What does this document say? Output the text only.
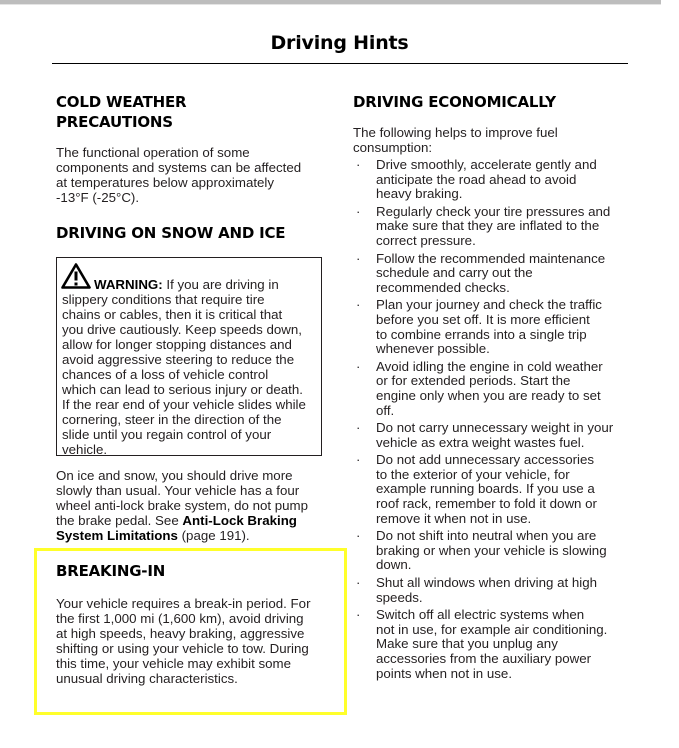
Driving Hints
COLD WEATHER
PRECAUTIONS

The functional operation of some
components and systems can be affected
at temperatures below approximately
-13°F (-25°C).

DRIVING ON SNOW AND ICE

WARNING: If you are driving in
slippery conditions that require tire
chains or cables, then it is critical that
you drive cautiously. Keep speeds down,
allow for longer stopping distances and
avoid aggressive steering to reduce the
chances of a loss of vehicle control
which can lead to serious injury or death.
If the rear end of your vehicle slides while
cornering, steer in the direction of the
slide until you regain control of your
vehicle.

On ice and snow, you should drive more
slowly than usual. Your vehicle has a four
wheel anti-lock brake system, do not pump
the brake pedal. See Anti-Lock Braking
System Limitations (page 191).

BREAKING-IN

Your vehicle requires a break-in period. For
the first 1,000 mi (1,600 km), avoid driving
at high speeds, heavy braking, aggressive
shifting or using your vehicle to tow. During
this time, your vehicle may exhibit some
unusual driving characteristics.

DRIVING ECONOMICALLY

The following helps to improve fuel
consumption:

· Drive smoothly, accelerate gently and
anticipate the road ahead to avoid
heavy braking.
· Regularly check your tire pressures and
make sure that they are inflated to the
correct pressure.
· Follow the recommended maintenance
schedule and carry out the
recommended checks.
· Plan your journey and check the traffic
before you set off. It is more efficient
to combine errands into a single trip
whenever possible.
· Avoid idling the engine in cold weather
or for extended periods. Start the
engine only when you are ready to set
off.
· Do not carry unnecessary weight in your
vehicle as extra weight wastes fuel.
· Do not add unnecessary accessories
to the exterior of your vehicle, for
example running boards. If you use a
roof rack, remember to fold it down or
remove it when not in use.
· Do not shift into neutral when you are
braking or when your vehicle is slowing
down.
· Shut all windows when driving at high
speeds.
· Switch off all electric systems when
not in use, for example air conditioning.
Make sure that you unplug any
accessories from the auxiliary power
points when not in use.
